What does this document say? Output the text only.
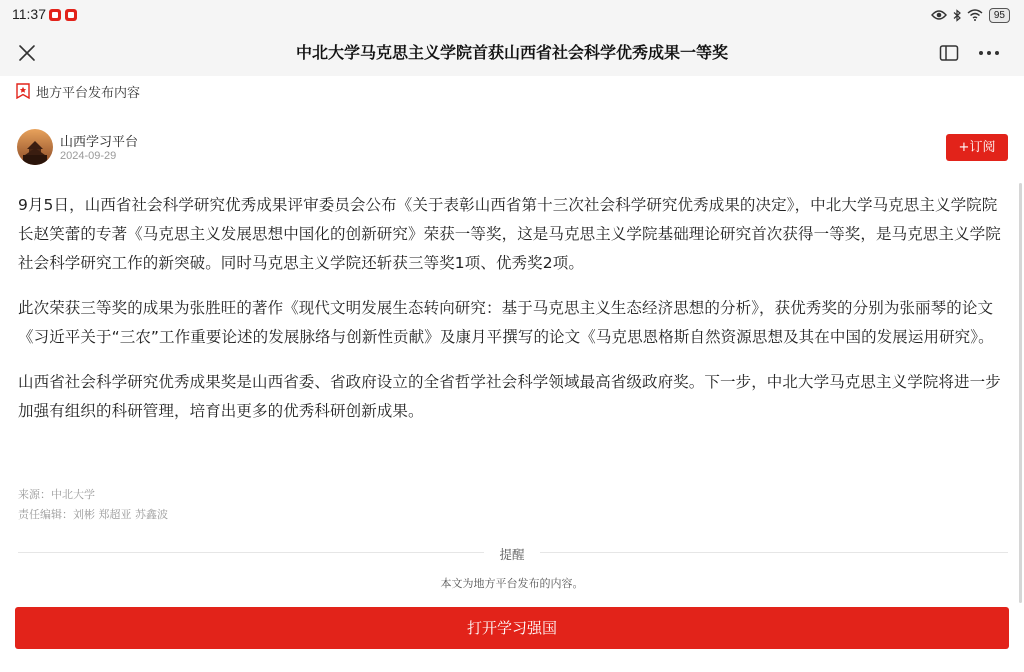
11:37	95
中北大学马克思主义学院首获山西省社会科学优秀成果一等奖
地方平台发布内容
山西学习平台
2024-09-29
+订阅

9月5日，山西省社会科学研究优秀成果评审委员会公布《关于表彰山西省第十三次社会科学研究优秀成果的决定》，中北大学马克思主义学院院长赵笑蕾的专著《马克思主义发展思想中国化的创新研究》荣获一等奖，这是马克思主义学院基础理论研究首次获得一等奖，是马克思主义学院社会科学研究工作的新突破。同时马克思主义学院还斩获三等奖1项、优秀奖2项。

此次荣获三等奖的成果为张胜旺的著作《现代文明发展生态转向研究：基于马克思主义生态经济思想的分析》，获优秀奖的分别为张丽琴的论文《习近平关于“三农”工作重要论述的发展脉络与创新性贡献》及康月平撰写的论文《马克思恩格斯自然资源思想及其在中国的发展运用研究》。

山西省社会科学研究优秀成果奖是山西省委、省政府设立的全省哲学社会科学领域最高省级政府奖。下一步，中北大学马克思主义学院将进一步加强有组织的科研管理，培育出更多的优秀科研创新成果。

来源：中北大学
责任编辑：刘彬 郑超亚 苏鑫波
提醒
本文为地方平台发布的内容。
打开学习强国
